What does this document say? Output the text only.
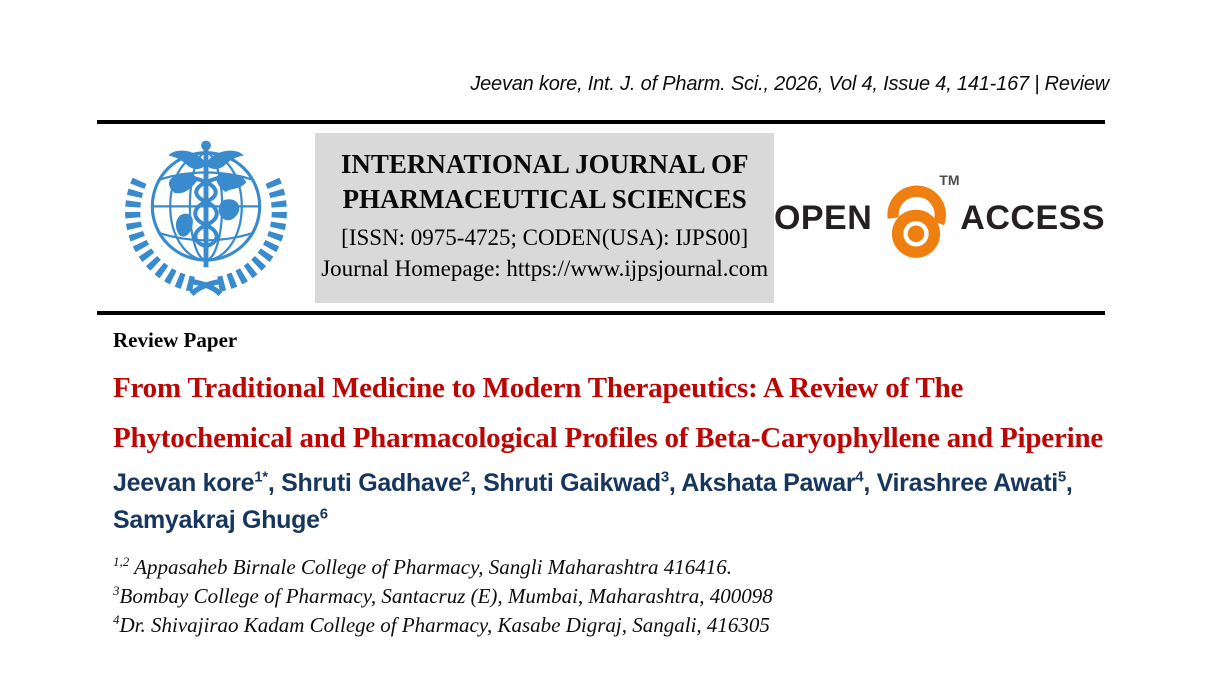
Jeevan kore, Int. J. of Pharm. Sci., 2026, Vol 4, Issue 4, 141-167 | Review
INTERNATIONAL JOURNAL OF
PHARMACEUTICAL SCIENCES
[ISSN: 0975-4725; CODEN(USA): IJPS00]
Journal Homepage: https://www.ijpsjournal.com
OPEN
TM
ACCESS
Review Paper
From Traditional Medicine to Modern Therapeutics: A Review of The Phytochemical and Pharmacological Profiles of Beta-Caryophyllene and Piperine
Jeevan kore$^{1*}$, Shruti Gadhave$^2$, Shruti Gaikwad$^3$, Akshata Pawar$^4$, Virashree Awati$^5$, Samyakraj Ghuge$^6$
$^{1,2}$ Appasaheb Birnale College of Pharmacy, Sangli Maharashtra 416416.
$^3$Bombay College of Pharmacy, Santacruz (E), Mumbai, Maharashtra, 400098
$^4$Dr. Shivajirao Kadam College of Pharmacy, Kasabe Digraj, Sangali, 416305
